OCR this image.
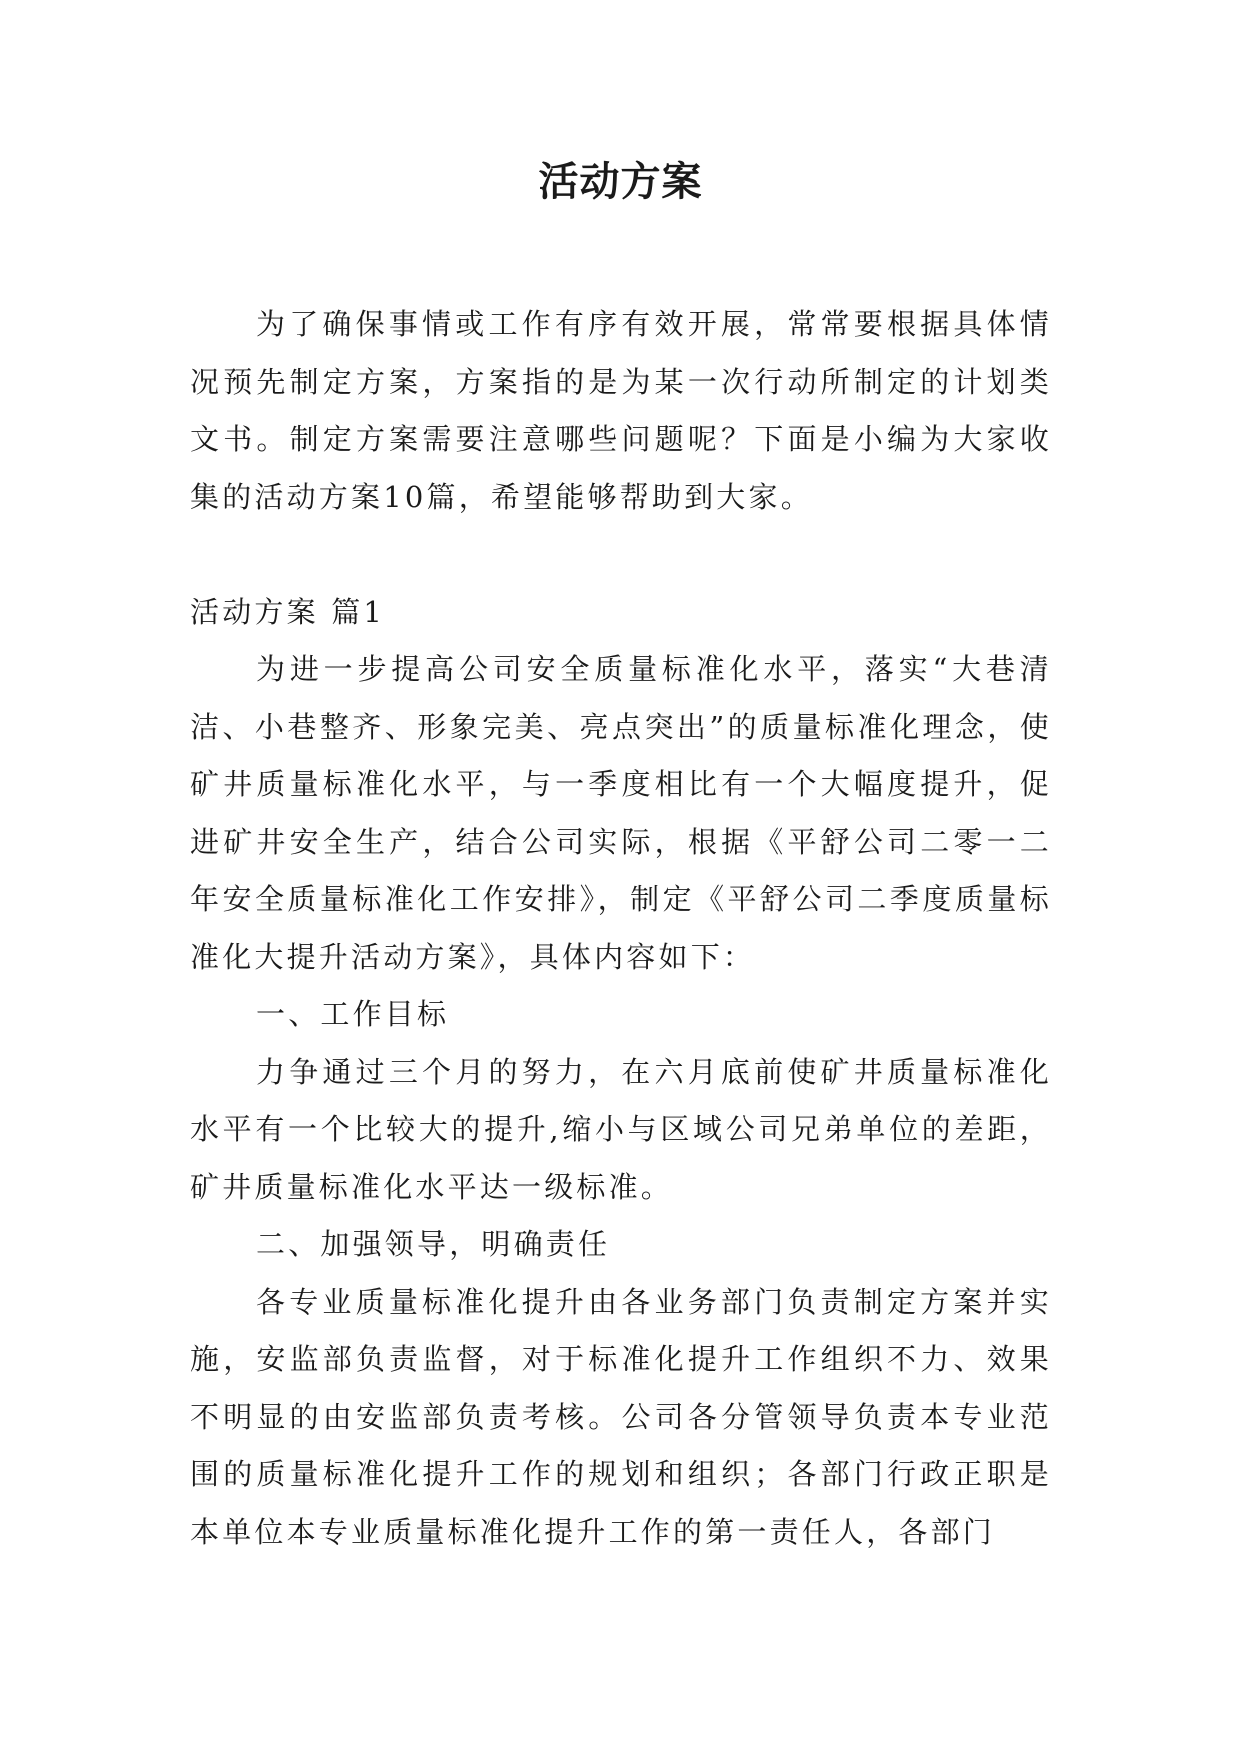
活动方案

为了确保事情或工作有序有效开展，常常要根据具体情况预先制定方案，方案指的是为某一次行动所制定的计划类文书。制定方案需要注意哪些问题呢？下面是小编为大家收集的活动方案10篇，希望能够帮助到大家。

活动方案 篇1

为进一步提高公司安全质量标准化水平，落实“大巷清洁、小巷整齐、形象完美、亮点突出”的质量标准化理念，使矿井质量标准化水平，与一季度相比有一个大幅度提升，促进矿井安全生产，结合公司实际，根据《平舒公司二零一二年安全质量标准化工作安排》，制定《平舒公司二季度质量标准化大提升活动方案》，具体内容如下：

一、工作目标

力争通过三个月的努力，在六月底前使矿井质量标准化水平有一个比较大的提升,缩小与区域公司兄弟单位的差距，矿井质量标准化水平达一级标准。

二、加强领导，明确责任

各专业质量标准化提升由各业务部门负责制定方案并实施，安监部负责监督，对于标准化提升工作组织不力、效果不明显的由安监部负责考核。公司各分管领导负责本专业范围的质量标准化提升工作的规划和组织；各部门行政正职是本单位本专业质量标准化提升工作的第一责任人，各部门
